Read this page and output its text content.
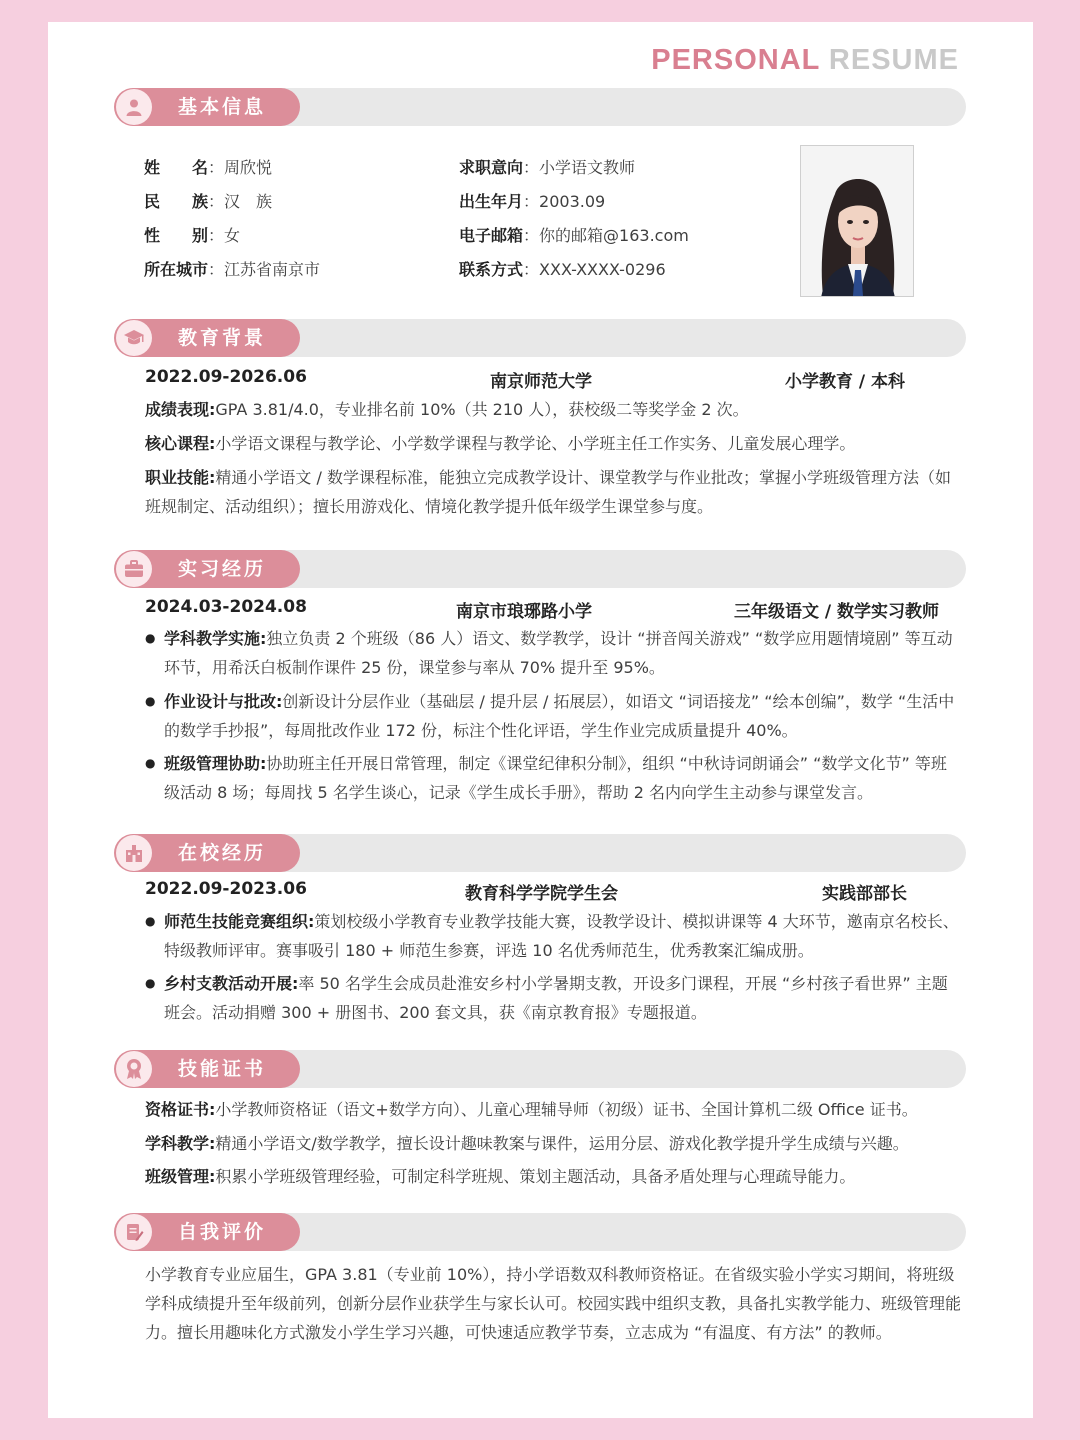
PERSONAL RESUME
基本信息
姓　　名：周欣悦
民　　族：汉　族
性　　别：女
所在城市：江苏省南京市
求职意向：小学语文教师
出生年月：2003.09
电子邮箱：你的邮箱@163.com
联系方式：XXX-XXXX-0296
教育背景
2022.09-2026.06	南京师范大学	小学教育 / 本科
成绩表现:GPA 3.81/4.0，专业排名前 10%（共 210 人），获校级二等奖学金 2 次。
核心课程:小学语文课程与教学论、小学数学课程与教学论、小学班主任工作实务、儿童发展心理学。
职业技能:精通小学语文 / 数学课程标准，能独立完成教学设计、课堂教学与作业批改；掌握小学班级管理方法（如班规制定、活动组织）；擅长用游戏化、情境化教学提升低年级学生课堂参与度。
实习经历
2024.03-2024.08	南京市琅琊路小学	三年级语文 / 数学实习教师
● 学科教学实施:独立负责 2 个班级（86 人）语文、数学教学，设计 “拼音闯关游戏” “数学应用题情境剧” 等互动环节，用希沃白板制作课件 25 份，课堂参与率从 70% 提升至 95%。
● 作业设计与批改:创新设计分层作业（基础层 / 提升层 / 拓展层），如语文 “词语接龙” “绘本创编”，数学 “生活中的数学手抄报”，每周批改作业 172 份，标注个性化评语，学生作业完成质量提升 40%。
● 班级管理协助:协助班主任开展日常管理，制定《课堂纪律积分制》，组织 “中秋诗词朗诵会” “数学文化节” 等班级活动 8 场；每周找 5 名学生谈心，记录《学生成长手册》，帮助 2 名内向学生主动参与课堂发言。
在校经历
2022.09-2023.06	教育科学学院学生会	实践部部长
● 师范生技能竞赛组织:策划校级小学教育专业教学技能大赛，设教学设计、模拟讲课等 4 大环节，邀南京名校长、特级教师评审。赛事吸引 180 + 师范生参赛，评选 10 名优秀师范生，优秀教案汇编成册。
● 乡村支教活动开展:率 50 名学生会成员赴淮安乡村小学暑期支教，开设多门课程，开展 “乡村孩子看世界” 主题班会。活动捐赠 300 + 册图书、200 套文具，获《南京教育报》专题报道。
技能证书
资格证书:小学教师资格证（语文+数学方向）、儿童心理辅导师（初级）证书、全国计算机二级 Office 证书。
学科教学:精通小学语文/数学教学，擅长设计趣味教案与课件，运用分层、游戏化教学提升学生成绩与兴趣。
班级管理:积累小学班级管理经验，可制定科学班规、策划主题活动，具备矛盾处理与心理疏导能力。
自我评价
小学教育专业应届生，GPA 3.81（专业前 10%），持小学语数双科教师资格证。在省级实验小学实习期间，将班级学科成绩提升至年级前列，创新分层作业获学生与家长认可。校园实践中组织支教，具备扎实教学能力、班级管理能力。擅长用趣味化方式激发小学生学习兴趣，可快速适应教学节奏，立志成为 “有温度、有方法” 的教师。
